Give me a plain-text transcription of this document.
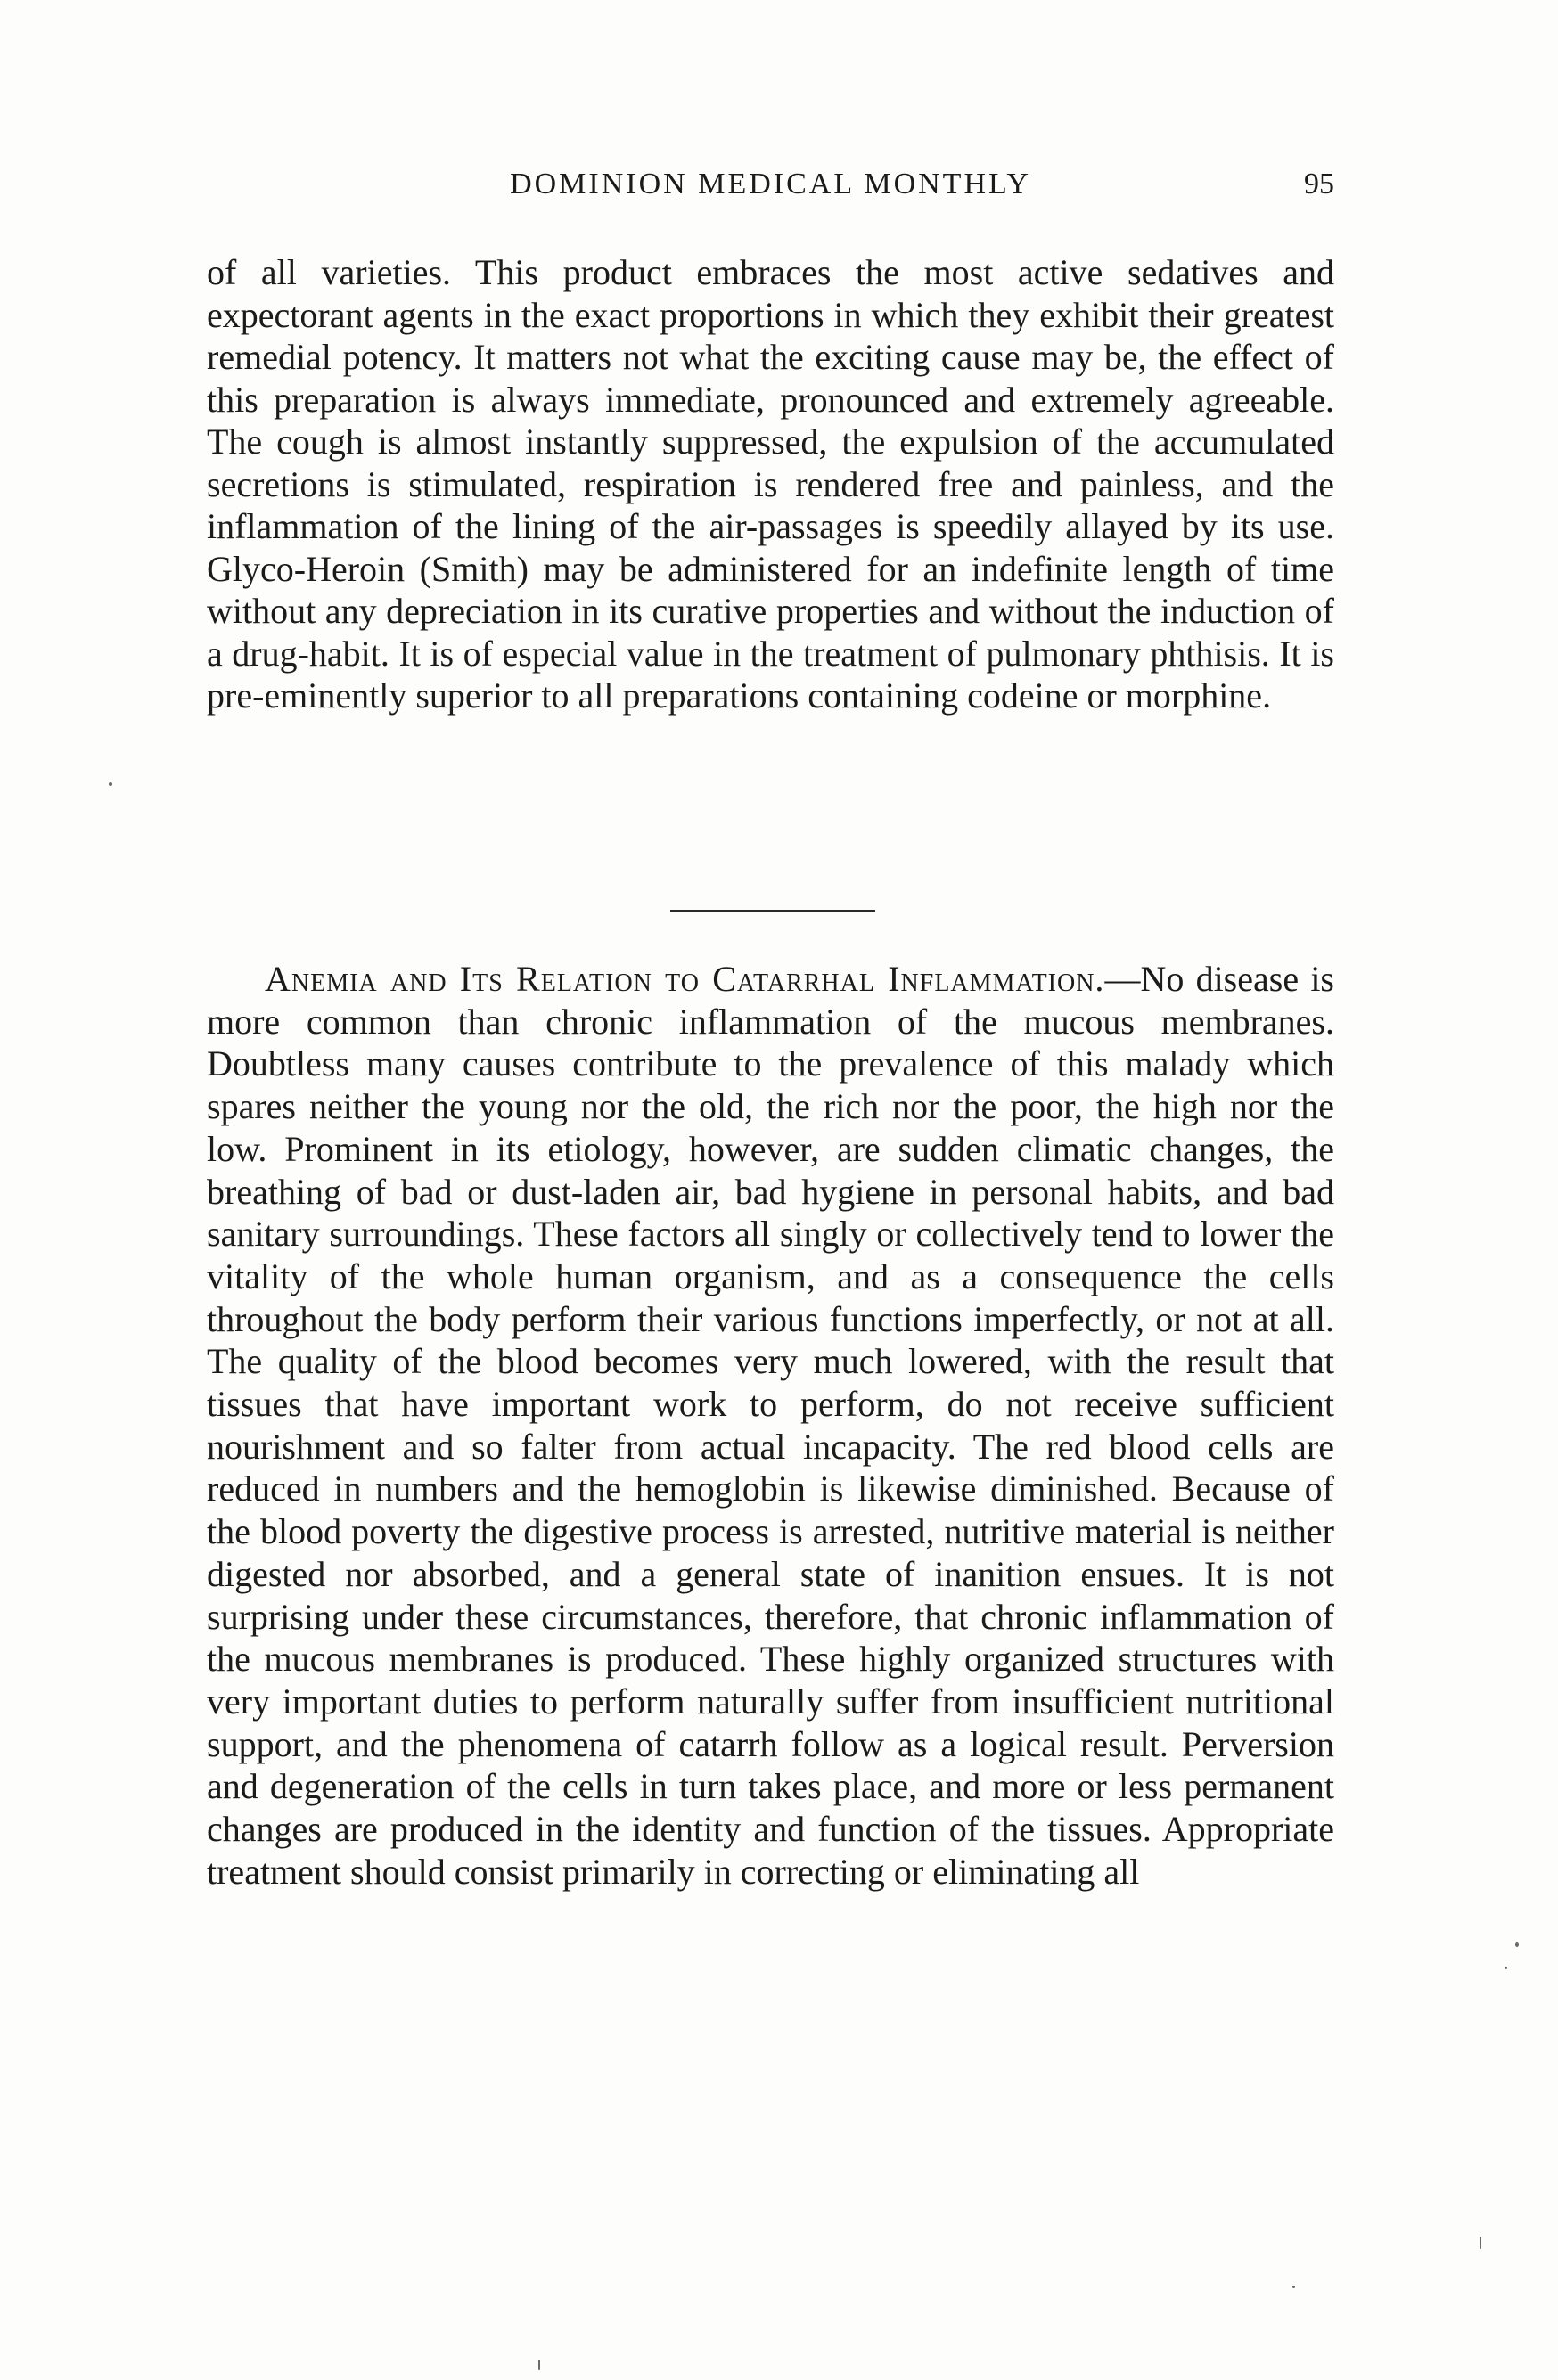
DOMINION MEDICAL MONTHLY	95

of all varieties. This product embraces the most active sedatives and expectorant agents in the exact proportions in which they exhibit their greatest remedial potency. It matters not what the exciting cause may be, the effect of this preparation is always immediate, pronounced and extremely agreeable. The cough is almost instantly suppressed, the expulsion of the accumulated secretions is stimulated, respiration is rendered free and painless, and the inflammation of the lining of the air-passages is speedily allayed by its use. Glyco-Heroin (Smith) may be administered for an indefinite length of time without any depreciation in its curative properties and without the induction of a drug-habit. It is of especial value in the treatment of pulmonary phthisis. It is pre-eminently superior to all preparations containing codeine or morphine.

Anemia and Its Relation to Catarrhal Inflammation.—No disease is more common than chronic inflammation of the mucous membranes. Doubtless many causes contribute to the prevalence of this malady which spares neither the young nor the old, the rich nor the poor, the high nor the low. Prominent in its etiology, however, are sudden climatic changes, the breathing of bad or dust-laden air, bad hygiene in personal habits, and bad sanitary surroundings. These factors all singly or collectively tend to lower the vitality of the whole human organism, and as a consequence the cells throughout the body perform their various functions imperfectly, or not at all. The quality of the blood becomes very much lowered, with the result that tissues that have important work to perform, do not receive sufficient nourishment and so falter from actual incapacity. The red blood cells are reduced in numbers and the hemoglobin is likewise diminished. Because of the blood poverty the digestive process is arrested, nutritive material is neither digested nor absorbed, and a general state of inanition ensues. It is not surprising under these circumstances, therefore, that chronic inflammation of the mucous membranes is produced. These highly organized structures with very important duties to perform naturally suffer from insufficient nutritional support, and the phenomena of catarrh follow as a logical result. Perversion and degeneration of the cells in turn takes place, and more or less permanent changes are produced in the identity and function of the tissues. Appropriate treatment should consist primarily in correcting or eliminating all
